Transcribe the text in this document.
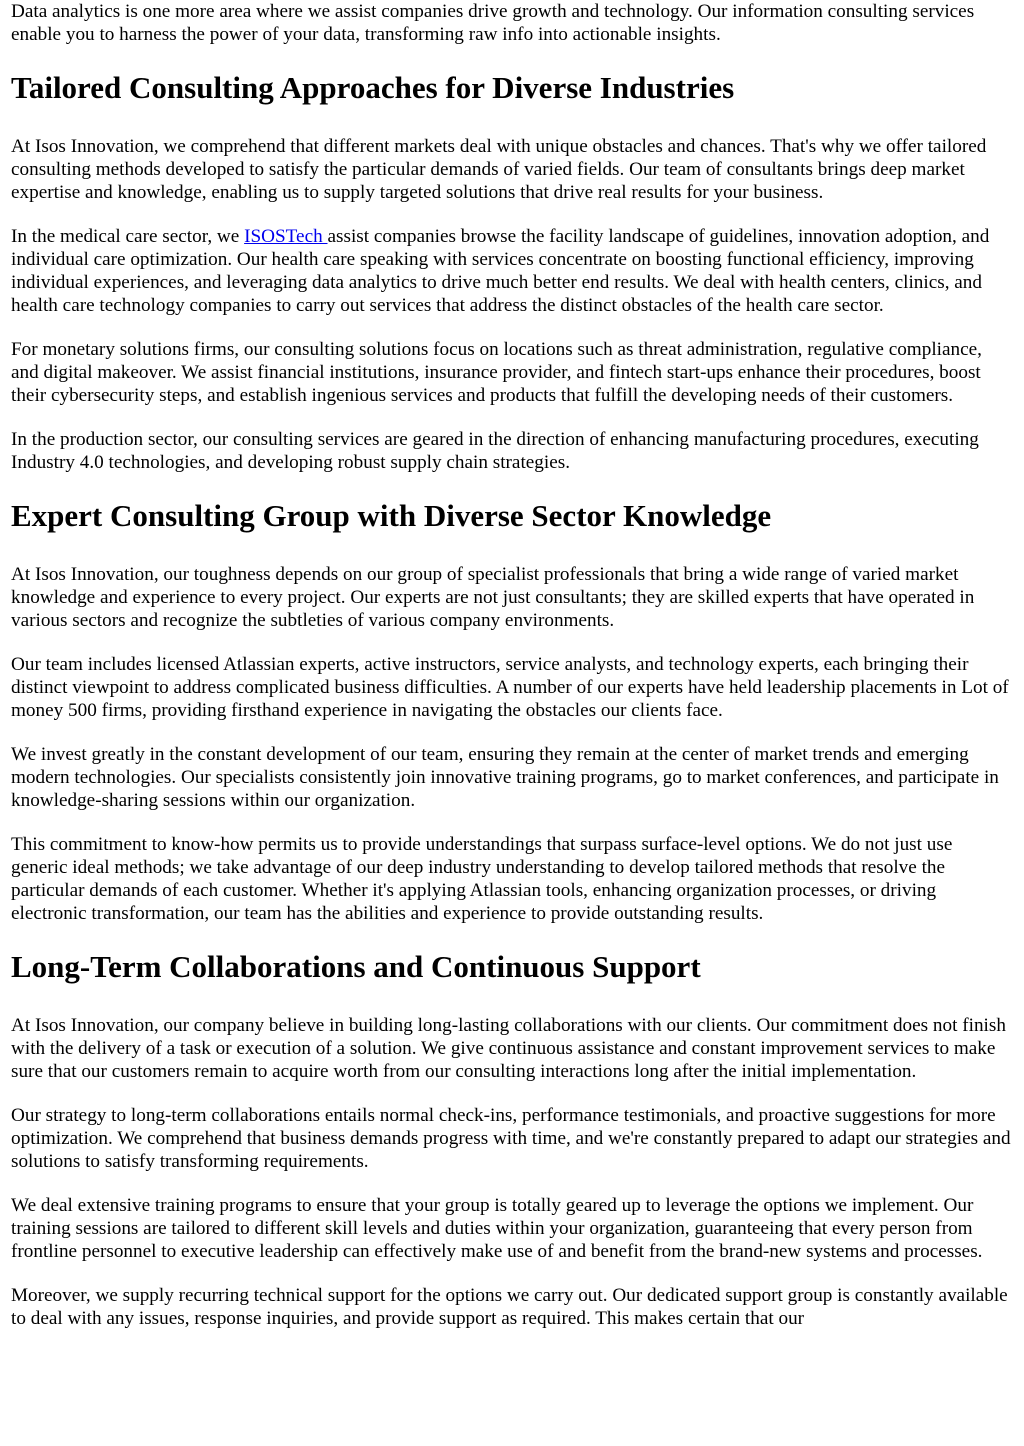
Data analytics is one more area where we assist companies drive growth and technology. Our information consulting services enable you to harness the power of your data, transforming raw info into actionable insights.

Tailored Consulting Approaches for Diverse Industries

At Isos Innovation, we comprehend that different markets deal with unique obstacles and chances. That's why we offer tailored consulting methods developed to satisfy the particular demands of varied fields. Our team of consultants brings deep market expertise and knowledge, enabling us to supply targeted solutions that drive real results for your business.

In the medical care sector, we ISOSTech assist companies browse the facility landscape of guidelines, innovation adoption, and individual care optimization. Our health care speaking with services concentrate on boosting functional efficiency, improving individual experiences, and leveraging data analytics to drive much better end results. We deal with health centers, clinics, and health care technology companies to carry out services that address the distinct obstacles of the health care sector.

For monetary solutions firms, our consulting solutions focus on locations such as threat administration, regulative compliance, and digital makeover. We assist financial institutions, insurance provider, and fintech start-ups enhance their procedures, boost their cybersecurity steps, and establish ingenious services and products that fulfill the developing needs of their customers.

In the production sector, our consulting services are geared in the direction of enhancing manufacturing procedures, executing Industry 4.0 technologies, and developing robust supply chain strategies.

Expert Consulting Group with Diverse Sector Knowledge

At Isos Innovation, our toughness depends on our group of specialist professionals that bring a wide range of varied market knowledge and experience to every project. Our experts are not just consultants; they are skilled experts that have operated in various sectors and recognize the subtleties of various company environments.

Our team includes licensed Atlassian experts, active instructors, service analysts, and technology experts, each bringing their distinct viewpoint to address complicated business difficulties. A number of our experts have held leadership placements in Lot of money 500 firms, providing firsthand experience in navigating the obstacles our clients face.

We invest greatly in the constant development of our team, ensuring they remain at the center of market trends and emerging modern technologies. Our specialists consistently join innovative training programs, go to market conferences, and participate in knowledge-sharing sessions within our organization.

This commitment to know-how permits us to provide understandings that surpass surface-level options. We do not just use generic ideal methods; we take advantage of our deep industry understanding to develop tailored methods that resolve the particular demands of each customer. Whether it's applying Atlassian tools, enhancing organization processes, or driving electronic transformation, our team has the abilities and experience to provide outstanding results.

Long-Term Collaborations and Continuous Support

At Isos Innovation, our company believe in building long-lasting collaborations with our clients. Our commitment does not finish with the delivery of a task or execution of a solution. We give continuous assistance and constant improvement services to make sure that our customers remain to acquire worth from our consulting interactions long after the initial implementation.

Our strategy to long-term collaborations entails normal check-ins, performance testimonials, and proactive suggestions for more optimization. We comprehend that business demands progress with time, and we're constantly prepared to adapt our strategies and solutions to satisfy transforming requirements.

We deal extensive training programs to ensure that your group is totally geared up to leverage the options we implement. Our training sessions are tailored to different skill levels and duties within your organization, guaranteeing that every person from frontline personnel to executive leadership can effectively make use of and benefit from the brand-new systems and processes.

Moreover, we supply recurring technical support for the options we carry out. Our dedicated support group is constantly available to deal with any issues, response inquiries, and provide support as required. This makes certain that our
